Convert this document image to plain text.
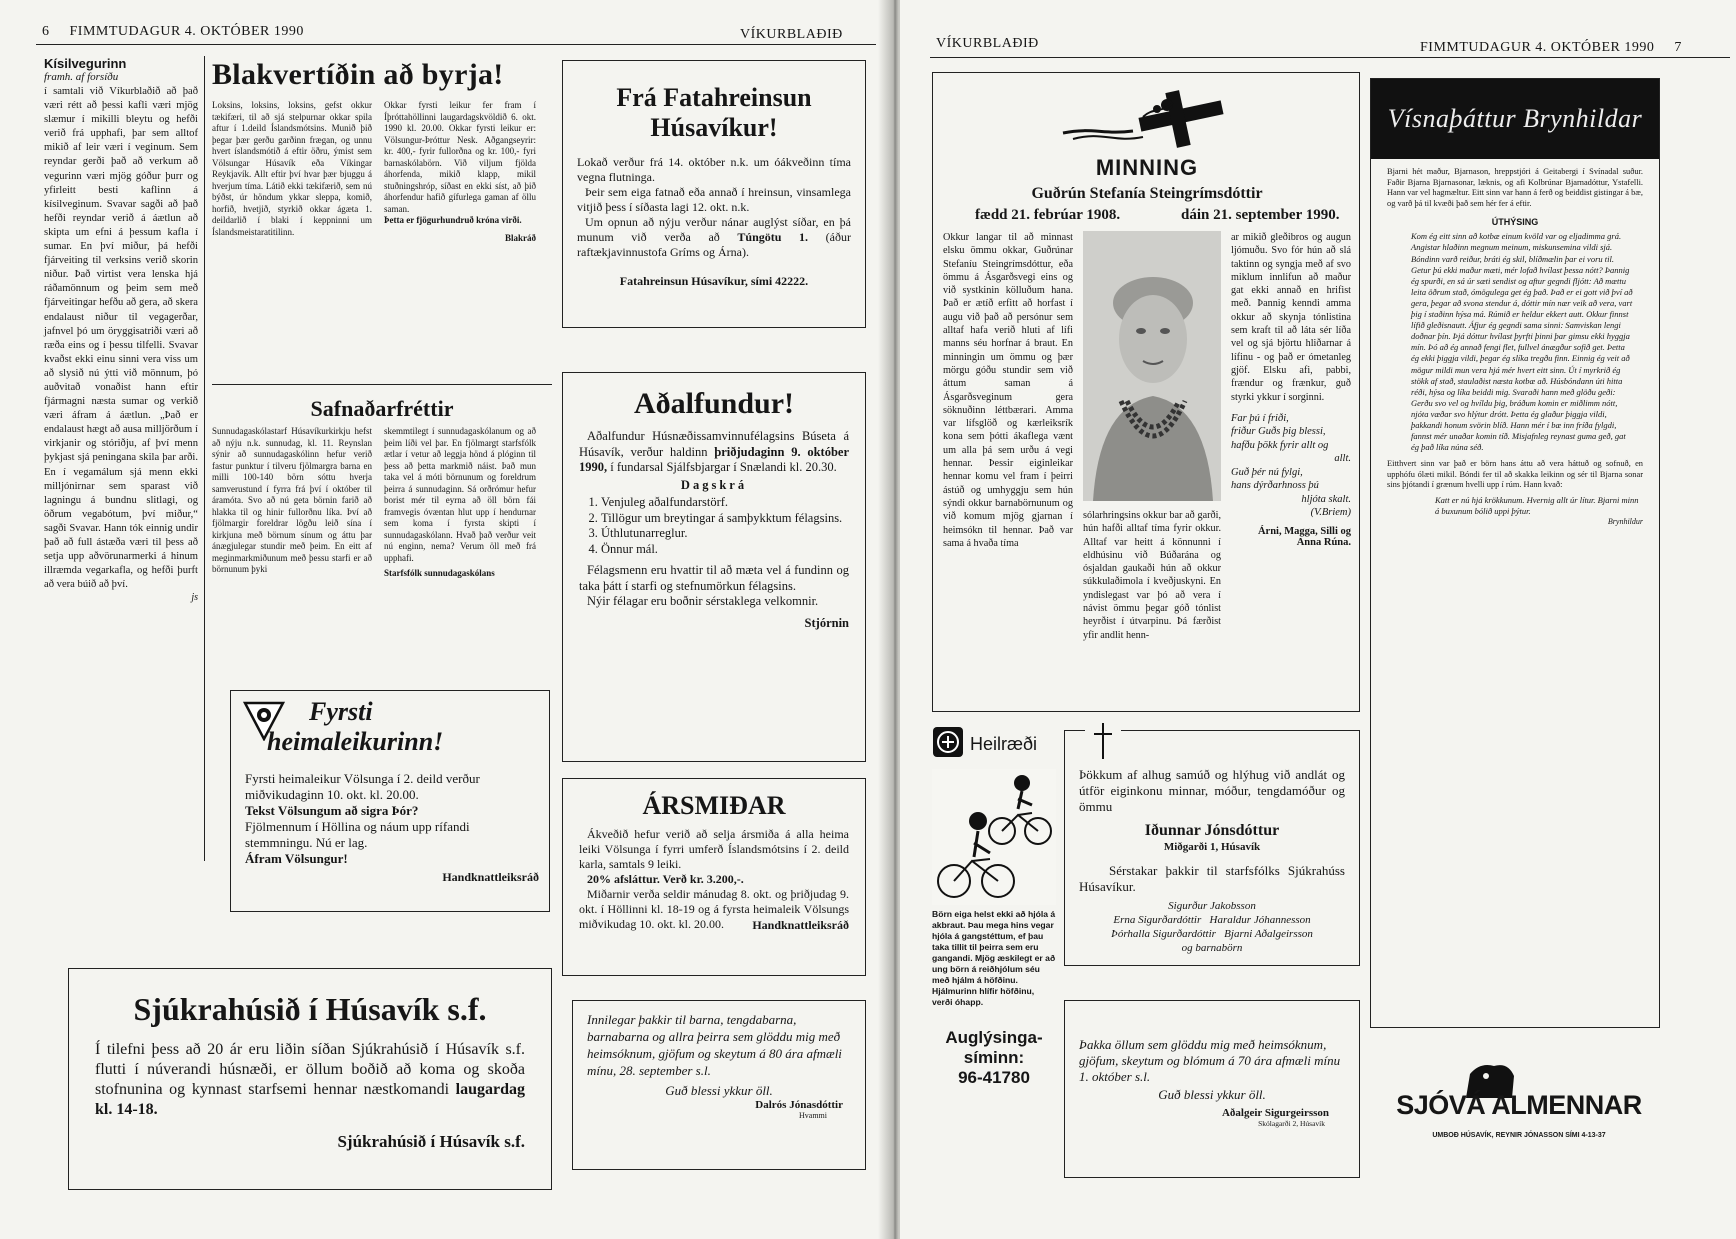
6 FIMMTUDAGUR 4. OKTÓBER 1990	VÍKURBLAÐIÐ
Kísilvegurinn
framh. af forsíðu
í samtali við Víkurblaðið að það væri rétt að þessi kafli væri mjög slæmur í mikilli bleytu og hefði verið frá upphafi, þar sem alltof mikið af leir væri í veginum. Sem reyndar gerði það að verkum að vegurinn væri mjög góður þurr og yfirleitt besti kaflinn á kísilveginum. Svavar sagði að það hefði reyndar verið á áætlun að skipta um efni á þessum kafla í sumar. En því miður, þá hefði fjárveiting til verksins verið skorin niður. Það virtist vera lenska hjá ráðamönnum og þeim sem með fjárveitingar hefðu að gera, að skera endalaust niður til vegagerðar, jafnvel þó um öryggisatriði væri að ræða eins og í þessu tilfelli. Svavar kvaðst ekki einu sinni vera viss um að slysið nú ýtti við mönnum, þó auðvitað vonaðist hann eftir fjármagni næsta sumar og verkið væri áfram á áætlun. „Það er endalaust hægt að ausa milljörðum í virkjanir og stóriðju, af því menn þykjast sjá peningana skila þar arði. En í vegamálum sjá menn ekki milljónirnar sem sparast við lagningu á bundnu slitlagi, og öðrum vegabótum, því miður,“ sagði Svavar. Hann tók einnig undir það að full ástæða væri til þess að setja upp aðvörunarmerki á hinum illræmda vegarkafla, og hefði þurft að vera búið að því.
js
Blakvertíðin að byrja!
Loksins, loksins, loksins, gefst okkur tækifæri, til að sjá stelpurnar okkar spila aftur í 1.deild Íslandsmótsins. Munið þið þegar þær gerðu garðinn frægan, og unnu hvert íslandsmótið á eftir öðru, ýmist sem Völsungar Húsavík eða Víkingar Reykjavík. Allt eftir því hvar þær bjuggu á hverjum tíma. Látið ekki tækifærið, sem nú býðst, úr höndum ykkar sleppa, komið, horfið, hvetjið, styrkið okkar ágæta 1. deildarlið í blaki í keppninni um Íslandsmeistaratitilinn.
Okkar fyrsti leikur fer fram í Íþróttahöllinni laugardagskvöldið 6. okt. 1990 kl. 20.00. Okkar fyrsti leikur er: Völsungur-Þróttur Nesk. Aðgangseyrir: kr. 400,- fyrir fullorðna og kr. 100,- fyri barnaskólabörn. Við viljum fjölda áhorfenda, mikið klapp, mikil stuðningshróp, síðast en ekki síst, að þið áhorfendur hafið gífurlega gaman af öllu saman.
Þetta er fjögurhundruð króna virði.
Blakráð
Safnaðarfréttir
Sunnudagaskólastarf Húsavíkurkirkju hefst að nýju n.k. sunnudag, kl. 11. Reynslan sýnir að sunnudagaskólinn hefur verið fastur punktur í tilveru fjölmargra barna en milli 100-140 börn sóttu hverja samverustund í fyrra frá því í október til áramóta. Svo að nú geta börnin farið að hlakka til og hinir fullorðnu líka. Því að fjölmargir foreldrar lögðu leið sína í kirkjuna með börnum sínum og áttu þar ánægjulegar stundir með þeim. En eitt af meginmarkmiðunum með þessu starfi er að börnunum þyki
skemmtilegt í sunnudagaskólanum og að þeim líði vel þar. En fjölmargt starfsfólk ætlar í vetur að leggja hönd á plóginn til þess að þetta markmið náist. Það mun taka vel á móti börnunum og foreldrum þeirra á sunnudaginn. Sá orðrómur hefur borist mér til eyrna að öll börn fái framvegis óvæntan hlut upp í hendurnar sem koma í fyrsta skipti í sunnudagaskólann. Hvað það verður veit nú enginn, nema? Verum öll með frá upphafi.
Starfsfólk sunnudagaskólans
Fyrsti
heimaleikurinn!
Fyrsti heimaleikur Völsunga í 2. deild verður miðvikudaginn 10. okt. kl. 20.00.
Tekst Völsungum að sigra Þór?
Fjölmennum í Höllina og náum upp rífandi stemmningu. Nú er lag.
Áfram Völsungur!
Handknattleiksráð
Frá Fatahreinsun
Húsavíkur!

Lokað verður frá 14. október n.k. um óákveðinn tíma vegna flutninga.

Þeir sem eiga fatnað eða annað í hreinsun, vinsamlega vitjið þess í síðasta lagi 12. okt. n.k.

Um opnun að nýju verður nánar auglýst síðar, en þá munum við verða að Túngötu 1. (áður raftækjavinnustofa Gríms og Árna).

Fatahreinsun Húsavíkur, sími 42222.
Aðalfundur!

Aðalfundur Húsnæðissamvinnufélagsins Búseta á Húsavík, verður haldinn þriðjudaginn 9. október 1990, í fundarsal Sjálfsbjargar í Snælandi kl. 20.30.

Dagskrá
1. Venjuleg aðalfundarstörf.
2. Tillögur um breytingar á samþykktum félagsins.
3. Úthlutunarreglur.
4. Önnur mál.

Félagsmenn eru hvattir til að mæta vel á fundinn og taka þátt í starfi og stefnumörkun félagsins.

Nýir félagar eru boðnir sérstaklega velkomnir.

Stjórnin
ÁRSMIÐAR

Ákveðið hefur verið að selja ársmiða á alla heima leiki Völsunga í fyrri umferð Íslandsmótsins í 2. deild karla, samtals 9 leiki.

20% afsláttur. Verð kr. 3.200,-.

Miðarnir verða seldir mánudag 8. okt. og þriðjudag 9. okt. í Höllinni kl. 18-19 og á fyrsta heimaleik Völsungs miðvikudag 10. okt. kl. 20.00.	Handknattleiksráð
Innilegar þakkir til barna, tengdabarna, barnabarna og allra þeirra sem glöddu mig með heimsóknum, gjöfum og skeytum á 80 ára afmæli mínu, 28. september s.l.
Guð blessi ykkur öll.
Dalrós Jónasdóttir
Hvammi
Sjúkrahúsið í Húsavík s.f.
Í tilefni þess að 20 ár eru liðin síðan Sjúkrahúsið í Húsavík s.f. flutti í núverandi húsnæði, er öllum boðið að koma og skoða stofnunina og kynnast starfsemi hennar næstkomandi laugardag kl. 14-18.
Sjúkrahúsið í Húsavík s.f.
VÍKURBLAÐIÐ	FIMMTUDAGUR 4. OKTÓBER 1990 7
MINNING
Guðrún Stefanía Steingrímsdóttir
fædd 21. febrúar 1908.	dáin 21. september 1990.
Okkur langar til að minnast elsku ömmu okkar, Guðrúnar Stefaníu Steingrímsdóttur, eða ömmu á Ásgarðsvegi eins og við systkinin kölluðum hana. Það er ætíð erfitt að horfast í augu við það að persónur sem alltaf hafa verið hluti af lífi manns séu horfnar á braut. En minningin um ömmu og þær mörgu góðu stundir sem við áttum saman á Ásgarðsveginum gera söknuðinn léttbærari. Amma var lífsglöð og kærleiksrík kona sem þótti ákaflega vænt um alla þá sem urðu á vegi hennar. Þessir eiginleikar hennar komu vel fram í þeirri ástúð og umhyggju sem hún sýndi okkur barnabörnunum og við komum mjög gjarnan í heimsókn til hennar. Það var sama á hvaða tíma
sólarhringsins okkur bar að garði, hún hafði alltaf tíma fyrir okkur. Alltaf var heitt á könnunni í eldhúsinu við Búðarána og ósjaldan gaukaði hún að okkur súkkulaðimola í kveðjuskyni. En yndislegast var þó að vera í návist ömmu þegar góð tónlist heyrðist í útvarpinu. Þá færðist yfir andlit henn-
ar mikið gleðibros og augun ljómuðu. Svo fór hún að slá taktinn og syngja með af svo miklum innlifun að maður gat ekki annað en hrifist með. Þannig kenndi amma okkur að skynja tónlistina sem kraft til að láta sér líða vel og sjá björtu hliðarnar á lífinu - og það er ómetanleg gjöf. Elsku afi, pabbi, frændur og frænkur, guð styrki ykkur í sorginni.
Far þú í friði,
friður Guðs þig blessi,
hafðu þökk fyrir allt og
allt.
Guð þér nú fylgi,
hans dýrðarhnoss þú
hljóta skalt.
(V.Briem)
Árni, Magga, Silli og
Anna Rúna.
Heilræði
Börn eiga helst ekki að hjóla á akbraut. Þau mega hins vegar hjóla á gangstéttum, ef þau taka tillit til þeirra sem eru gangandi. Mjög æskilegt er að ung börn á reiðhjólum séu með hjálm á höfðinu. Hjálmurinn hlífir höfðinu, verði óhapp.
Auglýsinga-
síminn:
96-41780

Þökkum af alhug samúð og hlýhug við andlát og útför eiginkonu minnar, móður, tengdamóður og ömmu

Iðunnar Jónsdóttur
Miðgarði 1, Húsavík

Sérstakar þakkir til starfsfólks Sjúkrahúss Húsavíkur.

Sigurður Jakobsson
Erna Sigurðardóttir   Haraldur Jóhannesson
Þórhalla Sigurðardóttir   Bjarni Aðalgeirsson
og barnabörn
Þakka öllum sem glöddu mig með heimsóknum, gjöfum, skeytum og blómum á 70 ára afmæli mínu 1. október s.l.
Guð blessi ykkur öll.
Aðalgeir Sigurgeirsson
Skólagarði 2, Húsavík
Vísnaþáttur Brynhildar
Bjarni hét maður, Bjarnason, hreppstjóri á Geitabergi í Svínadal suður. Faðir Bjarna Bjarnasonar, læknis, og afi Kolbrúnar Bjarnadóttur, Ystafelli. Hann var vel hagmæltur. Eitt sinn var hann á ferð og beiddist gistingar á bæ, og varð þá til kvæði það sem hér fer á eftir.
ÚTHÝSING
Kom ég eitt sinn að kotbæ einum kvöld var og eljadimma grá. Angistar hlaðinn megnum meinum, miskunsemina vildi sjá. Bóndinn varð reiður, bráti ég skil, blíðmælin þar ei voru til. Getur þú ekki maður mæti, mér lofað hvílast þessa nótt? Þannig ég spurði, en sá úr sæti sendist og aftur gegndi fljótt: Að mættu leita öðrum stað, ómögulega get ég það. Það er ei gott við því að gera, þegar að svona stendur á, dóttir mín nær veik að vera, vart þig í staðinn hýsa má. Rúmið er heldur ekkert autt. Okkur finnst lífið gleðisnautt. Áfjur ég gegndi sama sinni: Samviskan lengi doðnar þín. Þjá dóttur hvílast þyrfti þinni þar gimsu ekki hyggja mín. Þó að ég annað fengi flet, fullvel ánægður sofið get. Þetta ég ekki þiggja vildi, þegar ég slíka tregðu finn. Einnig ég veit að mögur mildi mun vera hjá mér hvert eitt sinn. Út í myrkrið ég stökk af stað, staulaðist næsta kotbæ að. Húsbóndann úti hitta réði, hýsa og líka beiddi mig. Svaraði hann með glöðu geði: Gerðu svo vel og hvíldu þig, bráðum komin er miðlimm nótt, njóta væðar svo hlýtur drótt. Þetta ég glaður þiggja vildi, þakkandi honum svörin blíð. Hann mér í bæ inn fríða fylgdi, fannst mér unaðar komin tíð. Misjafnleg reynast guma geð, gat ég það líka núna séð.
Eitthvert sinn var það er börn hans áttu að vera háttuð og sofnuð, en upphófu ólæti mikil. Bóndi fer til að skakka leikinn og sér til Bjarna sonar sins þjótandi í grænum hvelli upp í rúm. Hann kvað:
Katt er nú hjá krökkunum. Hvernig allt úr lítur. Bjarni minn á buxunum bólið uppi þýtur.
Brynhildur
SJÓVÁ ALMENNAR
UMBOÐ HÚSAVÍK, REYNIR JÓNASSON SÍMI 4-13-37
